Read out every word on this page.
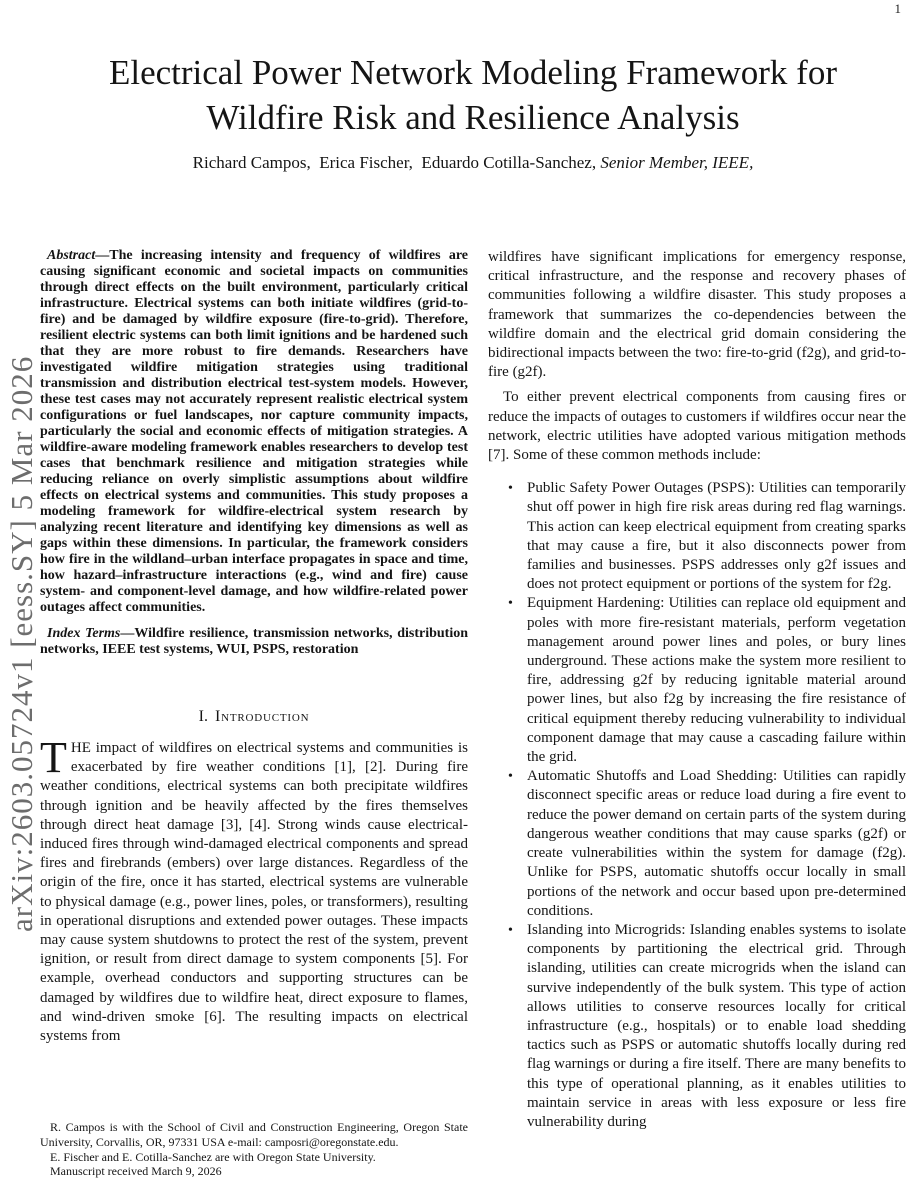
1
arXiv:2603.05724v1 [eess.SY] 5 Mar 2026
Electrical Power Network Modeling Framework for
Wildfire Risk and Resilience Analysis
Richard Campos,  Erica Fischer,  Eduardo Cotilla-Sanchez, Senior Member, IEEE,

Abstract—The increasing intensity and frequency of wildfires are causing significant economic and societal impacts on communities through direct effects on the built environment, particularly critical infrastructure. Electrical systems can both initiate wildfires (grid-to-fire) and be damaged by wildfire exposure (fire-to-grid). Therefore, resilient electric systems can both limit ignitions and be hardened such that they are more robust to fire demands. Researchers have investigated wildfire mitigation strategies using traditional transmission and distribution electrical test-system models. However, these test cases may not accurately represent realistic electrical system configurations or fuel landscapes, nor capture community impacts, particularly the social and economic effects of mitigation strategies. A wildfire-aware modeling framework enables researchers to develop test cases that benchmark resilience and mitigation strategies while reducing reliance on overly simplistic assumptions about wildfire effects on electrical systems and communities. This study proposes a modeling framework for wildfire-electrical system research by analyzing recent literature and identifying key dimensions as well as gaps within these dimensions. In particular, the framework considers how fire in the wildland–urban interface propagates in space and time, how hazard–infrastructure interactions (e.g., wind and fire) cause system- and component-level damage, and how wildfire-related power outages affect communities.

Index Terms—Wildfire resilience, transmission networks, distribution networks, IEEE test systems, WUI, PSPS, restoration

I. Introduction

THE impact of wildfires on electrical systems and communities is exacerbated by fire weather conditions [1], [2]. During fire weather conditions, electrical systems can both precipitate wildfires through ignition and be heavily affected by the fires themselves through direct heat damage [3], [4]. Strong winds cause electrical-induced fires through wind-damaged electrical components and spread fires and firebrands (embers) over large distances. Regardless of the origin of the fire, once it has started, electrical systems are vulnerable to physical damage (e.g., power lines, poles, or transformers), resulting in operational disruptions and extended power outages. These impacts may cause system shutdowns to protect the rest of the system, prevent ignition, or result from direct damage to system components [5]. For example, overhead conductors and supporting structures can be damaged by wildfires due to wildfire heat, direct exposure to flames, and wind-driven smoke [6]. The resulting impacts on electrical systems from

R. Campos is with the School of Civil and Construction Engineering, Oregon State University, Corvallis, OR, 97331 USA e-mail: camposri@oregonstate.edu.

E. Fischer and E. Cotilla-Sanchez are with Oregon State University.

Manuscript received March 9, 2026

wildfires have significant implications for emergency response, critical infrastructure, and the response and recovery phases of communities following a wildfire disaster. This study proposes a framework that summarizes the co-dependencies between the wildfire domain and the electrical grid domain considering the bidirectional impacts between the two: fire-to-grid (f2g), and grid-to-fire (g2f).

To either prevent electrical components from causing fires or reduce the impacts of outages to customers if wildfires occur near the network, electric utilities have adopted various mitigation methods [7]. Some of these common methods include:

• Public Safety Power Outages (PSPS): Utilities can temporarily shut off power in high fire risk areas during red flag warnings. This action can keep electrical equipment from creating sparks that may cause a fire, but it also disconnects power from families and businesses. PSPS addresses only g2f issues and does not protect equipment or portions of the system for f2g.
• Equipment Hardening: Utilities can replace old equipment and poles with more fire-resistant materials, perform vegetation management around power lines and poles, or bury lines underground. These actions make the system more resilient to fire, addressing g2f by reducing ignitable material around power lines, but also f2g by increasing the fire resistance of critical equipment thereby reducing vulnerability to individual component damage that may cause a cascading failure within the grid.
• Automatic Shutoffs and Load Shedding: Utilities can rapidly disconnect specific areas or reduce load during a fire event to reduce the power demand on certain parts of the system during dangerous weather conditions that may cause sparks (g2f) or create vulnerabilities within the system for damage (f2g). Unlike for PSPS, automatic shutoffs occur locally in small portions of the network and occur based upon pre-determined conditions.
• Islanding into Microgrids: Islanding enables systems to isolate components by partitioning the electrical grid. Through islanding, utilities can create microgrids when the island can survive independently of the bulk system. This type of action allows utilities to conserve resources locally for critical infrastructure (e.g., hospitals) or to enable load shedding tactics such as PSPS or automatic shutoffs locally during red flag warnings or during a fire itself. There are many benefits to this type of operational planning, as it enables utilities to maintain service in areas with less exposure or less fire vulnerability during
